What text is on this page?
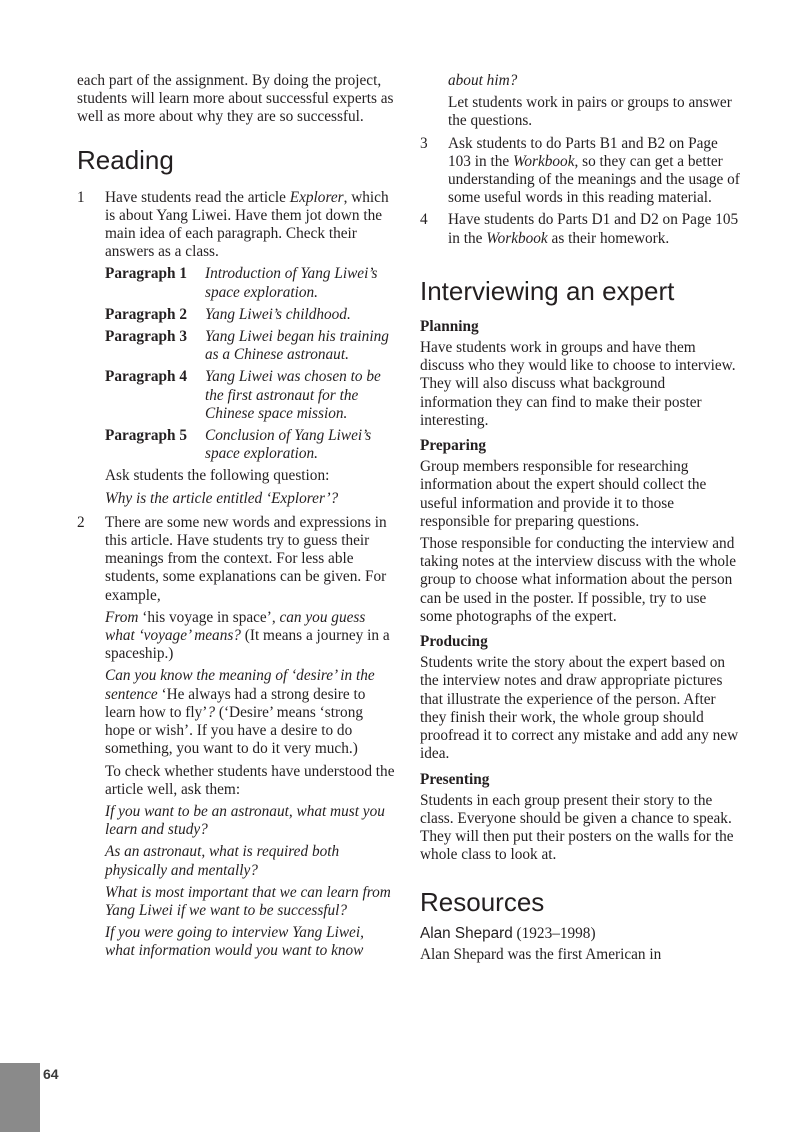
each part of the assignment. By doing the project, students will learn more about successful experts as well as more about why they are so successful.

Reading
1 Have students read the article Explorer, which is about Yang Liwei. Have them jot down the main idea of each paragraph. Check their answers as a class.

Paragraph 1	Introduction of Yang Liwei’s space exploration.
Paragraph 2	Yang Liwei’s childhood.
Paragraph 3	Yang Liwei began his training as a Chinese astronaut.
Paragraph 4	Yang Liwei was chosen to be the first astronaut for the Chinese space mission.
Paragraph 5	Conclusion of Yang Liwei’s space exploration.

Ask students the following question:

Why is the article entitled ‘Explorer’?

2 There are some new words and expressions in this article. Have students try to guess their meanings from the context. For less able students, some explanations can be given. For example,

From ‘his voyage in space’, can you guess what ‘voyage’ means? (It means a journey in a spaceship.)

Can you know the meaning of ‘desire’ in the sentence ‘He always had a strong desire to learn how to fly’? (‘Desire’ means ‘strong hope or wish’. If you have a desire to do something, you want to do it very much.)

To check whether students have understood the article well, ask them:

If you want to be an astronaut, what must you learn and study?

As an astronaut, what is required both physically and mentally?

What is most important that we can learn from Yang Liwei if we want to be successful?

If you were going to interview Yang Liwei, what information would you want to know

about him?

Let students work in pairs or groups to answer the questions.

3 Ask students to do Parts B1 and B2 on Page 103 in the Workbook, so they can get a better understanding of the meanings and the usage of some useful words in this reading material.

4 Have students do Parts D1 and D2 on Page 105 in the Workbook as their homework.

Interviewing an expert

Planning

Have students work in groups and have them discuss who they would like to choose to interview. They will also discuss what background information they can find to make their poster interesting.

Preparing

Group members responsible for researching information about the expert should collect the useful information and provide it to those responsible for preparing questions.

Those responsible for conducting the interview and taking notes at the interview discuss with the whole group to choose what information about the person can be used in the poster. If possible, try to use some photographs of the expert.

Producing

Students write the story about the expert based on the interview notes and draw appropriate pictures that illustrate the experience of the person. After they finish their work, the whole group should proofread it to correct any mistake and add any new idea.

Presenting

Students in each group present their story to the class. Everyone should be given a chance to speak. They will then put their posters on the walls for the whole class to look at.

Resources

Alan Shepard (1923–1998)

Alan Shepard was the first American in

64
